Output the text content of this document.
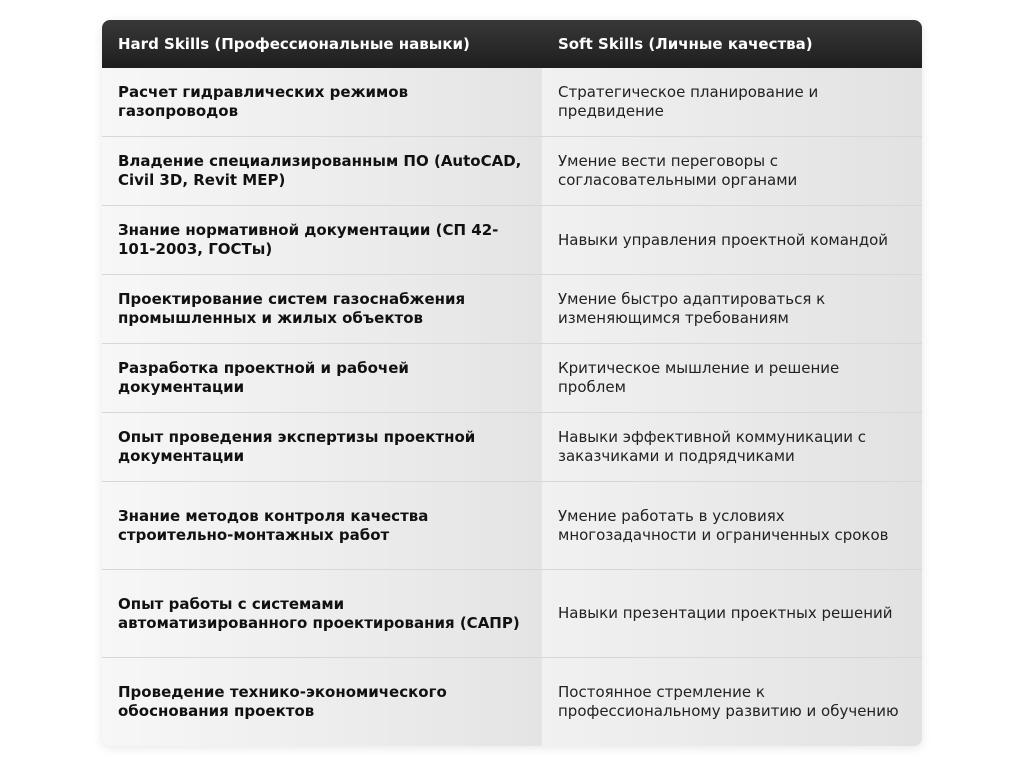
Hard Skills (Профессиональные навыки)	Soft Skills (Личные качества)
Расчет гидравлических режимов газопроводов
Владение специализированным ПО (AutoCAD, Civil 3D, Revit MEP)
Знание нормативной документации (СП 42-101-2003, ГОСТы)
Проектирование систем газоснабжения промышленных и жилых объектов
Разработка проектной и рабочей документации
Опыт проведения экспертизы проектной документации
Знание методов контроля качества строительно-монтажных работ
Опыт работы с системами автоматизированного проектирования (САПР)
Проведение технико-экономического обоснования проектов
Стратегическое планирование и предвидение
Умение вести переговоры с согласовательными органами
Навыки управления проектной командой
Умение быстро адаптироваться к изменяющимся требованиям
Критическое мышление и решение проблем
Навыки эффективной коммуникации с заказчиками и подрядчиками
Умение работать в условиях многозадачности и ограниченных сроков
Навыки презентации проектных решений
Постоянное стремление к профессиональному развитию и обучению
